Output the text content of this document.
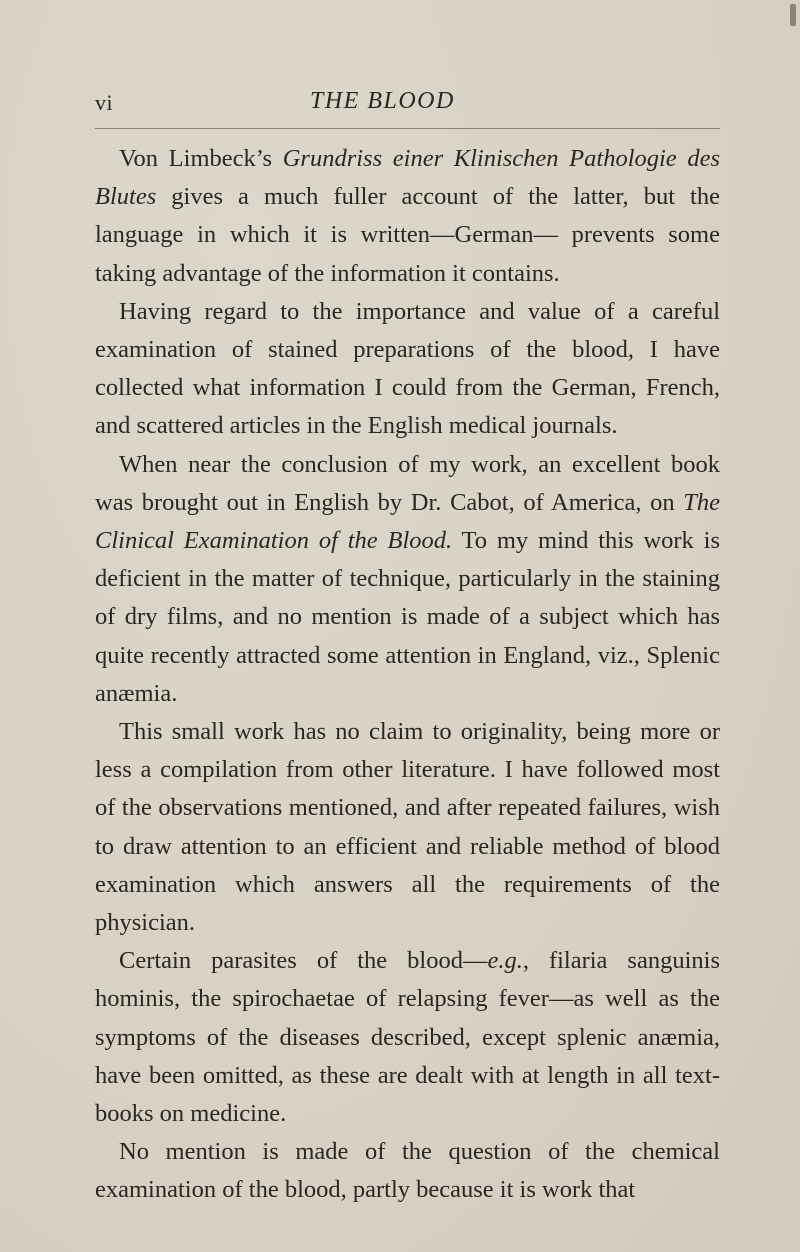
vi	THE BLOOD

Von Limbeck’s Grundriss einer Klinischen Pathologie des Blutes gives a much fuller account of the latter, but the language in which it is written—German— prevents some taking advantage of the information it contains.

Having regard to the importance and value of a careful examination of stained preparations of the blood, I have collected what information I could from the German, French, and scattered articles in the English medical journals.

When near the conclusion of my work, an excellent book was brought out in English by Dr. Cabot, of America, on The Clinical Examination of the Blood. To my mind this work is deficient in the matter of technique, particularly in the staining of dry films, and no mention is made of a subject which has quite recently attracted some attention in England, viz., Splenic anæmia.

This small work has no claim to originality, being more or less a compilation from other literature. I have followed most of the observations mentioned, and after repeated failures, wish to draw attention to an efficient and reliable method of blood examination which answers all the requirements of the physician.

Certain parasites of the blood—e.g., filaria sanguinis hominis, the spirochaetae of relapsing fever—as well as the symptoms of the diseases described, except splenic anæmia, have been omitted, as these are dealt with at length in all text-books on medicine.

No mention is made of the question of the chemical examination of the blood, partly because it is work that
